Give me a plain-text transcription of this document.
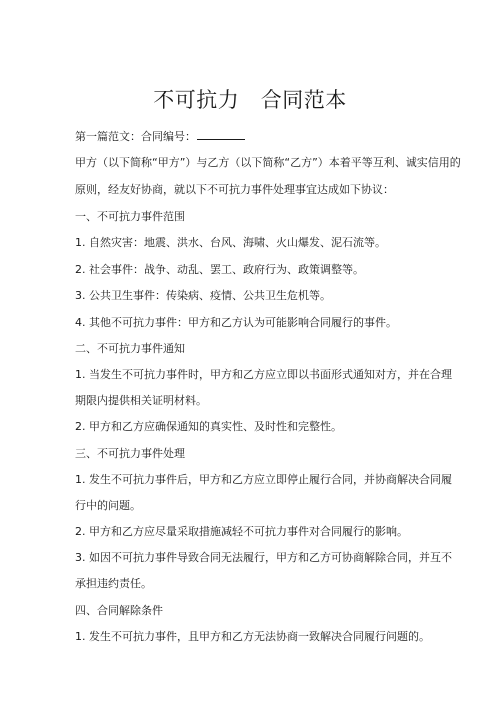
不可抗力　合同范本

第一篇范文：合同编号：

甲方（以下简称“甲方”）与乙方（以下简称“乙方”）本着平等互利、诚实信用的

原则，经友好协商，就以下不可抗力事件处理事宜达成如下协议：

一、不可抗力事件范围

1. 自然灾害：地震、洪水、台风、海啸、火山爆发、泥石流等。

2. 社会事件：战争、动乱、罢工、政府行为、政策调整等。

3. 公共卫生事件：传染病、疫情、公共卫生危机等。

4. 其他不可抗力事件：甲方和乙方认为可能影响合同履行的事件。

二、不可抗力事件通知

1. 当发生不可抗力事件时，甲方和乙方应立即以书面形式通知对方，并在合理

期限内提供相关证明材料。

2. 甲方和乙方应确保通知的真实性、及时性和完整性。

三、不可抗力事件处理

1. 发生不可抗力事件后，甲方和乙方应立即停止履行合同，并协商解决合同履

行中的问题。

2. 甲方和乙方应尽量采取措施减轻不可抗力事件对合同履行的影响。

3. 如因不可抗力事件导致合同无法履行，甲方和乙方可协商解除合同，并互不

承担违约责任。

四、合同解除条件

1. 发生不可抗力事件，且甲方和乙方无法协商一致解决合同履行问题的。
